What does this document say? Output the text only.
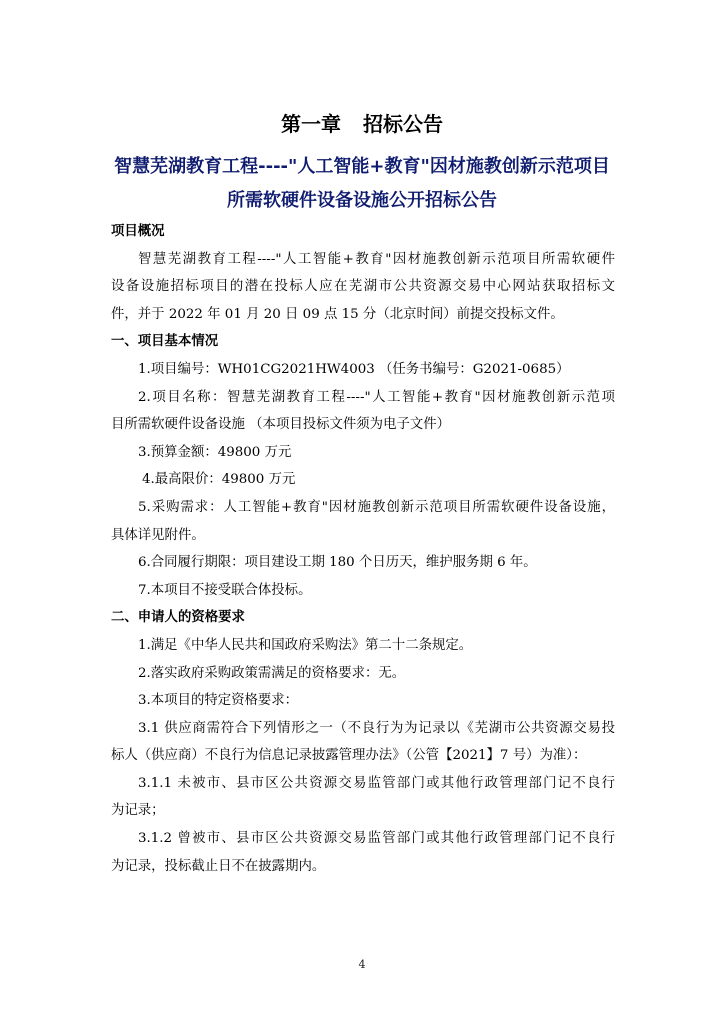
第一章 招标公告
智慧芜湖教育工程----"人工智能+教育"因材施教创新示范项目
所需软硬件设备设施公开招标公告
项目概况
智慧芜湖教育工程----"人工智能+教育"因材施教创新示范项目所需软硬件
设备设施招标项目的潜在投标人应在芜湖市公共资源交易中心网站获取招标文
件，并于 2022 年 01 月 20 日 09 点 15 分（北京时间）前提交投标文件。
一、项目基本情况
1.项目编号：WH01CG2021HW4003 （任务书编号：G2021-0685）
2.项目名称：智慧芜湖教育工程----"人工智能+教育"因材施教创新示范项
目所需软硬件设备设施 （本项目投标文件须为电子文件）
3.预算金额：49800 万元
4.最高限价：49800 万元
5.采购需求：人工智能+教育"因材施教创新示范项目所需软硬件设备设施，
具体详见附件。
6.合同履行期限：项目建设工期 180 个日历天，维护服务期 6 年。
7.本项目不接受联合体投标。
二、申请人的资格要求
1.满足《中华人民共和国政府采购法》第二十二条规定。
2.落实政府采购政策需满足的资格要求：无。
3.本项目的特定资格要求：
3.1 供应商需符合下列情形之一（不良行为为记录以《芜湖市公共资源交易投
标人（供应商）不良行为信息记录披露管理办法》（公管【2021】7 号）为准）：
3.1.1 未被市、县市区公共资源交易监管部门或其他行政管理部门记不良行
为记录；
3.1.2 曾被市、县市区公共资源交易监管部门或其他行政管理部门记不良行
为记录，投标截止日不在披露期内。
4
